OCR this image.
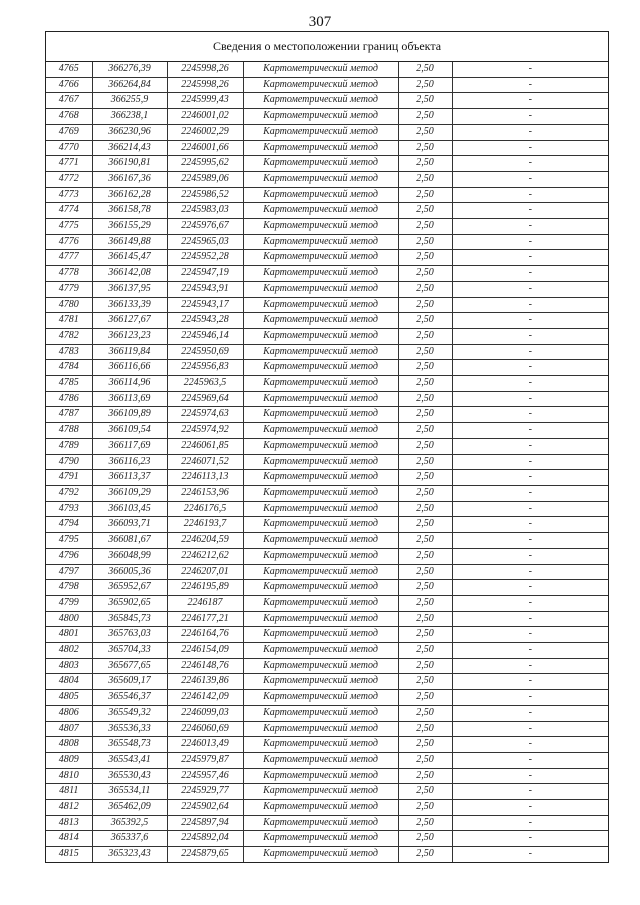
307
Сведения о местоположении границ объекта
4765	366276,39	2245998,26	Картометрический метод	2,50	-
4766	366264,84	2245998,26	Картометрический метод	2,50	-
4767	366255,9	2245999,43	Картометрический метод	2,50	-
4768	366238,1	2246001,02	Картометрический метод	2,50	-
4769	366230,96	2246002,29	Картометрический метод	2,50	-
4770	366214,43	2246001,66	Картометрический метод	2,50	-
4771	366190,81	2245995,62	Картометрический метод	2,50	-
4772	366167,36	2245989,06	Картометрический метод	2,50	-
4773	366162,28	2245986,52	Картометрический метод	2,50	-
4774	366158,78	2245983,03	Картометрический метод	2,50	-
4775	366155,29	2245976,67	Картометрический метод	2,50	-
4776	366149,88	2245965,03	Картометрический метод	2,50	-
4777	366145,47	2245952,28	Картометрический метод	2,50	-
4778	366142,08	2245947,19	Картометрический метод	2,50	-
4779	366137,95	2245943,91	Картометрический метод	2,50	-
4780	366133,39	2245943,17	Картометрический метод	2,50	-
4781	366127,67	2245943,28	Картометрический метод	2,50	-
4782	366123,23	2245946,14	Картометрический метод	2,50	-
4783	366119,84	2245950,69	Картометрический метод	2,50	-
4784	366116,66	2245956,83	Картометрический метод	2,50	-
4785	366114,96	2245963,5	Картометрический метод	2,50	-
4786	366113,69	2245969,64	Картометрический метод	2,50	-
4787	366109,89	2245974,63	Картометрический метод	2,50	-
4788	366109,54	2245974,92	Картометрический метод	2,50	-
4789	366117,69	2246061,85	Картометрический метод	2,50	-
4790	366116,23	2246071,52	Картометрический метод	2,50	-
4791	366113,37	2246113,13	Картометрический метод	2,50	-
4792	366109,29	2246153,96	Картометрический метод	2,50	-
4793	366103,45	2246176,5	Картометрический метод	2,50	-
4794	366093,71	2246193,7	Картометрический метод	2,50	-
4795	366081,67	2246204,59	Картометрический метод	2,50	-
4796	366048,99	2246212,62	Картометрический метод	2,50	-
4797	366005,36	2246207,01	Картометрический метод	2,50	-
4798	365952,67	2246195,89	Картометрический метод	2,50	-
4799	365902,65	2246187	Картометрический метод	2,50	-
4800	365845,73	2246177,21	Картометрический метод	2,50	-
4801	365763,03	2246164,76	Картометрический метод	2,50	-
4802	365704,33	2246154,09	Картометрический метод	2,50	-
4803	365677,65	2246148,76	Картометрический метод	2,50	-
4804	365609,17	2246139,86	Картометрический метод	2,50	-
4805	365546,37	2246142,09	Картометрический метод	2,50	-
4806	365549,32	2246099,03	Картометрический метод	2,50	-
4807	365536,33	2246060,69	Картометрический метод	2,50	-
4808	365548,73	2246013,49	Картометрический метод	2,50	-
4809	365543,41	2245979,87	Картометрический метод	2,50	-
4810	365530,43	2245957,46	Картометрический метод	2,50	-
4811	365534,11	2245929,77	Картометрический метод	2,50	-
4812	365462,09	2245902,64	Картометрический метод	2,50	-
4813	365392,5	2245897,94	Картометрический метод	2,50	-
4814	365337,6	2245892,04	Картометрический метод	2,50	-
4815	365323,43	2245879,65	Картометрический метод	2,50	-
